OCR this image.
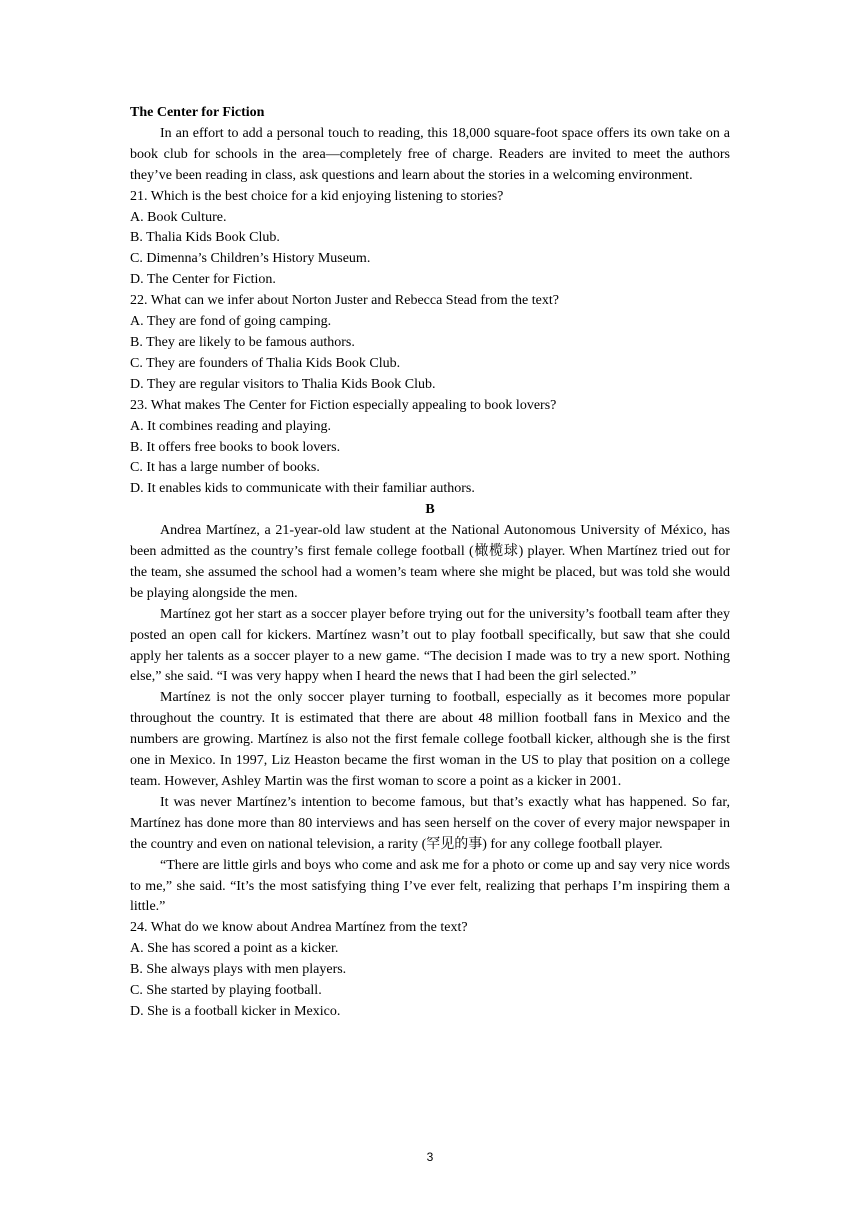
The Center for Fiction
In an effort to add a personal touch to reading, this 18,000 square-foot space offers its own take on a book club for schools in the area—completely free of charge. Readers are invited to meet the authors they’ve been reading in class, ask questions and learn about the stories in a welcoming environment.
21. Which is the best choice for a kid enjoying listening to stories?
A. Book Culture.
B. Thalia Kids Book Club.
C. Dimenna’s Children’s History Museum.
D. The Center for Fiction.
22. What can we infer about Norton Juster and Rebecca Stead from the text?
A. They are fond of going camping.
B. They are likely to be famous authors.
C. They are founders of Thalia Kids Book Club.
D. They are regular visitors to Thalia Kids Book Club.
23. What makes The Center for Fiction especially appealing to book lovers?
A. It combines reading and playing.
B. It offers free books to book lovers.
C. It has a large number of books.
D. It enables kids to communicate with their familiar authors.
B
Andrea Martínez, a 21-year-old law student at the National Autonomous University of México, has been admitted as the country’s first female college football (橄榄球) player. When Martínez tried out for the team, she assumed the school had a women’s team where she might be placed, but was told she would be playing alongside the men.
Martínez got her start as a soccer player before trying out for the university’s football team after they posted an open call for kickers. Martínez wasn’t out to play football specifically, but saw that she could apply her talents as a soccer player to a new game. “The decision I made was to try a new sport. Nothing else,” she said. “I was very happy when I heard the news that I had been the girl selected.”
Martínez is not the only soccer player turning to football, especially as it becomes more popular throughout the country. It is estimated that there are about 48 million football fans in Mexico and the numbers are growing. Martínez is also not the first female college football kicker, although she is the first one in Mexico. In 1997, Liz Heaston became the first woman in the US to play that position on a college team. However, Ashley Martin was the first woman to score a point as a kicker in 2001.
It was never Martínez’s intention to become famous, but that’s exactly what has happened. So far, Martínez has done more than 80 interviews and has seen herself on the cover of every major newspaper in the country and even on national television, a rarity (罕见的事) for any college football player.
“There are little girls and boys who come and ask me for a photo or come up and say very nice words to me,” she said. “It’s the most satisfying thing I’ve ever felt, realizing that perhaps I’m inspiring them a little.”
24. What do we know about Andrea Martínez from the text?
A. She has scored a point as a kicker.
B. She always plays with men players.
C. She started by playing football.
D. She is a football kicker in Mexico.
3
